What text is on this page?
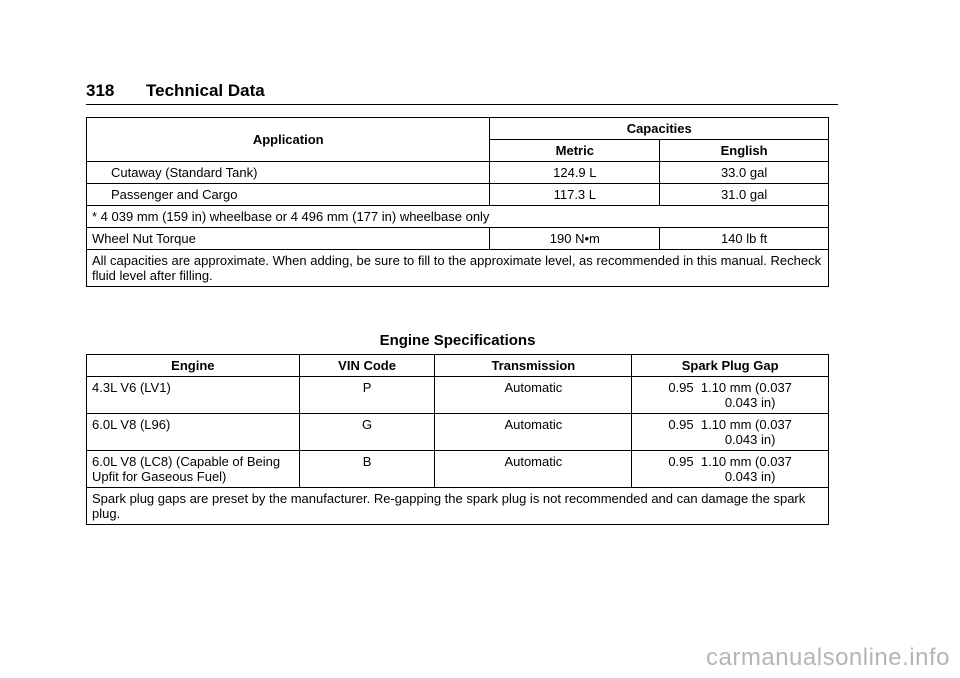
318 Technical Data
Application	Capacities	
	Metric	English
Cutaway (Standard Tank)	124.9 L	33.0 gal
Passenger and Cargo	117.3 L	31.0 gal
* 4 039 mm (159 in) wheelbase or 4 496 mm (177 in) wheelbase only		
Wheel Nut Torque	190 N•m	140 lb ft
All capacities are approximate. When adding, be sure to fill to the approximate level, as recommended in this manual. Recheck fluid level after filling.		
Engine Specifications
Engine	VIN Code	Transmission	Spark Plug Gap
4.3L V6 (LV1)	P	Automatic	0.95  1.10 mm (0.037
0.043 in)

6.0L V8 (L96)	G	Automatic	0.95  1.10 mm (0.037
0.043 in)

6.0L V8 (LC8) (Capable of Being Upfit for Gaseous Fuel)	B	Automatic	0.95  1.10 mm (0.037
0.043 in)

Spark plug gaps are preset by the manufacturer. Re-gapping the spark plug is not recommended and can damage the spark plug.			
carmanualsonline.info
